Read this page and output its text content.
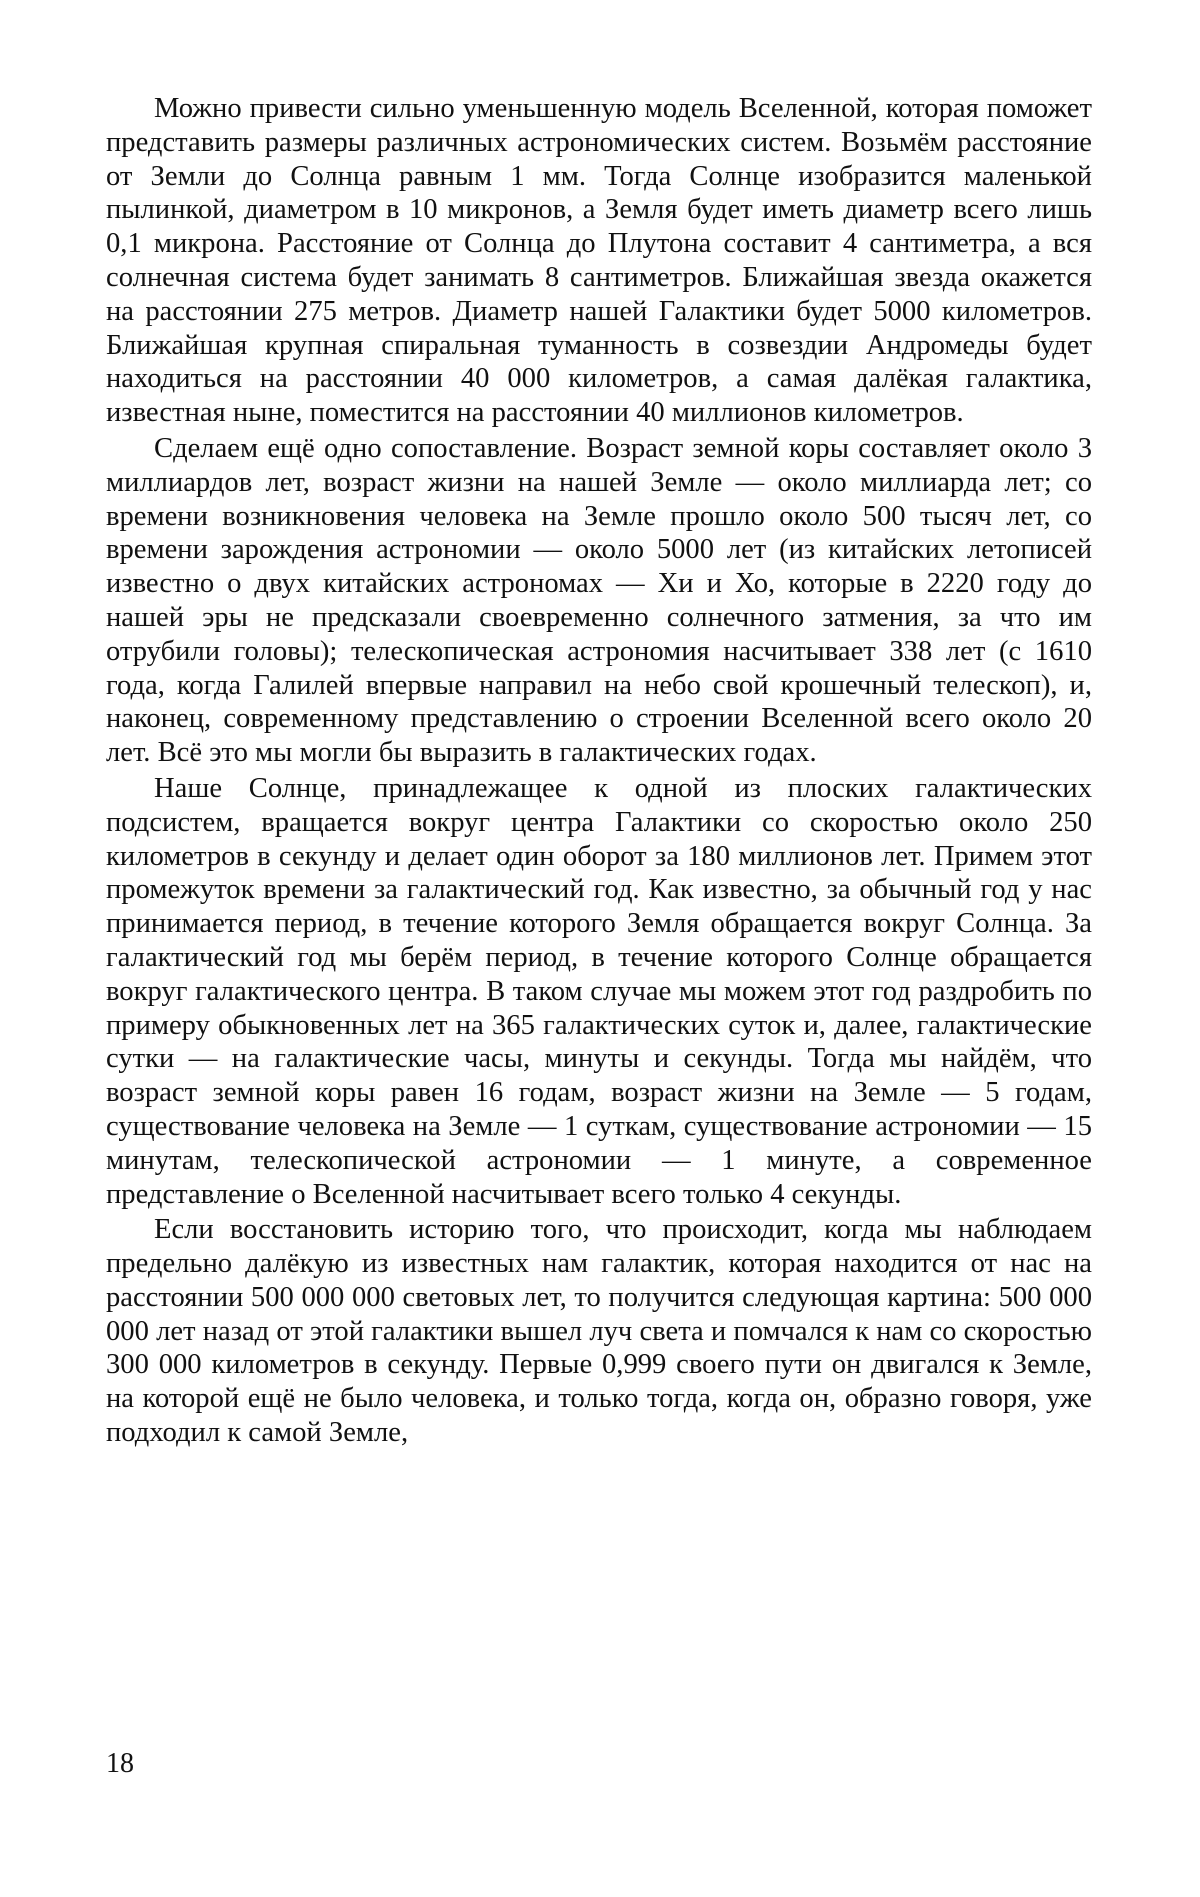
Можно привести сильно уменьшенную модель Вселенной, которая поможет представить размеры различных астрономических систем. Возьмём расстояние от Земли до Солнца равным 1 мм. Тогда Солнце изобразится маленькой пылинкой, диаметром в 10 микронов, а Земля будет иметь диаметр всего лишь 0,1 микрона. Расстояние от Солнца до Плутона составит 4 сантиметра, а вся солнечная система будет занимать 8 сантиметров. Ближайшая звезда окажется на расстоянии 275 метров. Диаметр нашей Галактики будет 5000 километров. Ближайшая крупная спиральная туманность в созвездии Андромеды будет находиться на расстоянии 40 000 километров, а самая далёкая галактика, известная ныне, поместится на расстоянии 40 миллионов километров.

Сделаем ещё одно сопоставление. Возраст земной коры составляет около 3 миллиардов лет, возраст жизни на нашей Земле — около миллиарда лет; со времени возникновения человека на Земле прошло около 500 тысяч лет, со времени зарождения астрономии — около 5000 лет (из китайских летописей известно о двух китайских астрономах — Хи и Хо, которые в 2220 году до нашей эры не предсказали своевременно солнечного затмения, за что им отрубили головы); телескопическая астрономия насчитывает 338 лет (с 1610 года, когда Галилей впервые направил на небо свой крошечный телескоп), и, наконец, современному представлению о строении Вселенной всего около 20 лет. Всё это мы могли бы выразить в галактических годах.

Наше Солнце, принадлежащее к одной из плоских галактических подсистем, вращается вокруг центра Галактики со скоростью около 250 километров в секунду и делает один оборот за 180 миллионов лет. Примем этот промежуток времени за галактический год. Как известно, за обычный год у нас принимается период, в течение которого Земля обращается вокруг Солнца. За галактический год мы берём период, в течение которого Солнце обращается вокруг галактического центра. В таком случае мы можем этот год раздробить по примеру обыкновенных лет на 365 галактических суток и, далее, галактические сутки — на галактические часы, минуты и секунды. Тогда мы найдём, что возраст земной коры равен 16 годам, возраст жизни на Земле — 5 годам, существование человека на Земле — 1 суткам, существование астрономии — 15 минутам, телескопической астрономии — 1 минуте, а современное представление о Вселенной насчитывает всего только 4 секунды.

Если восстановить историю того, что происходит, когда мы наблюдаем предельно далёкую из известных нам галактик, которая находится от нас на расстоянии 500 000 000 световых лет, то получится следующая картина: 500 000 000 лет назад от этой галактики вышел луч света и помчался к нам со скоростью 300 000 километров в секунду. Первые 0,999 своего пути он двигался к Земле, на которой ещё не было человека, и только тогда, когда он, образно говоря, уже подходил к самой Земле,

18
